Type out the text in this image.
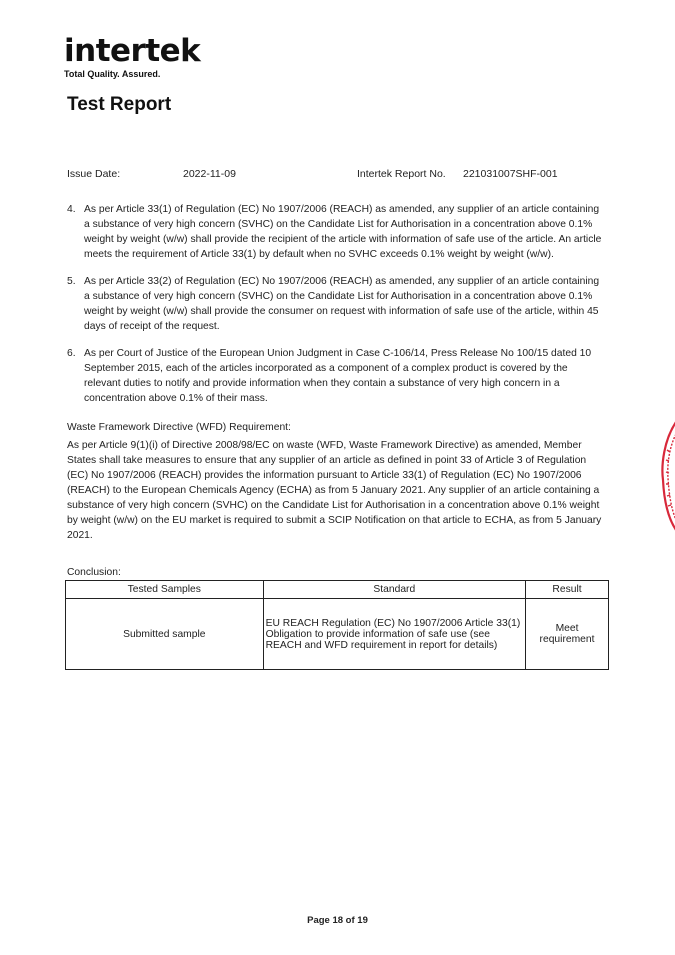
intertek
Total Quality. Assured.
Test Report
Issue Date:	2022-11-09	Intertek Report No. 221031007SHF-001
4. As per Article 33(1) of Regulation (EC) No 1907/2006 (REACH) as amended, any supplier of an article containing a substance of very high concern (SVHC) on the Candidate List for Authorisation in a concentration above 0.1% weight by weight (w/w) shall provide the recipient of the article with information of safe use of the article. An article meets the requirement of Article 33(1) by default when no SVHC exceeds 0.1% weight by weight (w/w).
5. As per Article 33(2) of Regulation (EC) No 1907/2006 (REACH) as amended, any supplier of an article containing a substance of very high concern (SVHC) on the Candidate List for Authorisation in a concentration above 0.1% weight by weight (w/w) shall provide the consumer on request with information of safe use of the article, within 45 days of receipt of the request.
6. As per Court of Justice of the European Union Judgment in Case C-106/14, Press Release No 100/15 dated 10 September 2015, each of the articles incorporated as a component of a complex product is covered by the relevant duties to notify and provide information when they contain a substance of very high concern in a concentration above 0.1% of their mass.
Waste Framework Directive (WFD) Requirement:
As per Article 9(1)(i) of Directive 2008/98/EC on waste (WFD, Waste Framework Directive) as amended, Member States shall take measures to ensure that any supplier of an article as defined in point 33 of Article 3 of Regulation (EC) No 1907/2006 (REACH) provides the information pursuant to Article 33(1) of Regulation (EC) No 1907/2006 (REACH) to the European Chemicals Agency (ECHA) as from 5 January 2021. Any supplier of an article containing a substance of very high concern (SVHC) on the Candidate List for Authorisation in a concentration above 0.1% weight by weight (w/w) on the EU market is required to submit a SCIP Notification on that article to ECHA, as from 5 January 2021.
Conclusion:
Tested Samples	Standard	Result
Submitted sample	EU REACH Regulation (EC) No 1907/2006 Article 33(1) Obligation to provide information of safe use (see REACH and WFD requirement in report for details)	Meet requirement
Page 18 of 19
